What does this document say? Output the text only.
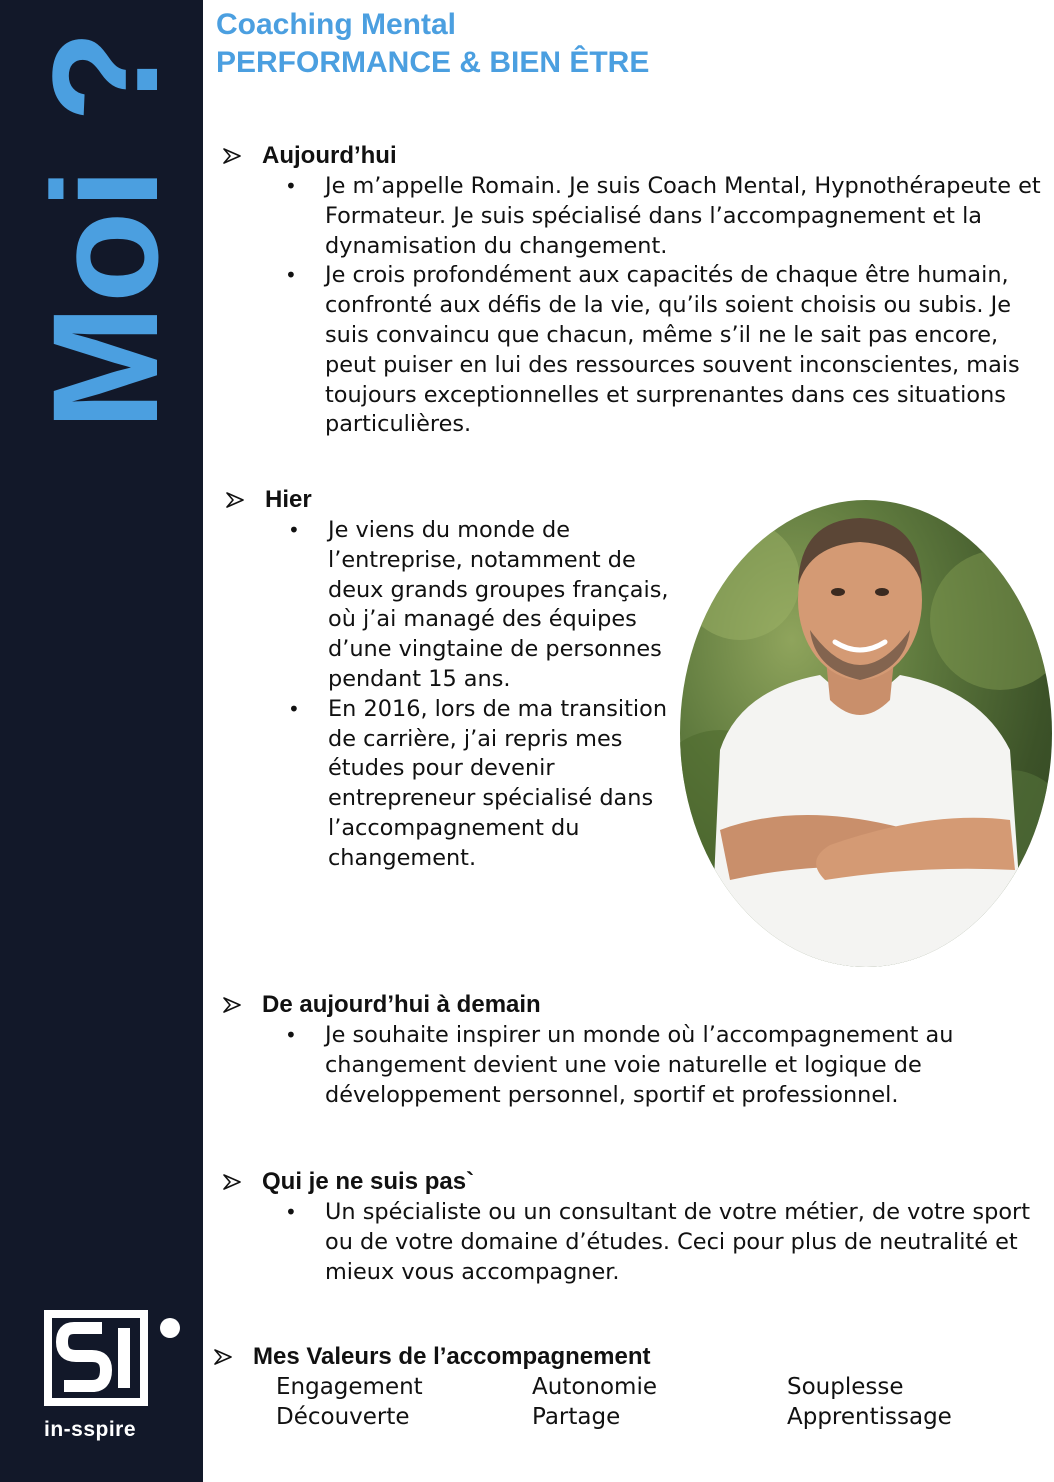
Moi ?
in-sspire
Coaching Mental
PERFORMANCE & BIEN ÊTRE
Aujourd’hui
• Je m’appelle Romain. Je suis Coach Mental, Hypnothérapeute et Formateur. Je suis spécialisé dans l’accompagnement et la dynamisation du changement.
• Je crois profondément aux capacités de chaque être humain, confronté aux défis de la vie, qu’ils soient choisis ou subis. Je suis convaincu que chacun, même s’il ne le sait pas encore, peut puiser en lui des ressources souvent inconscientes, mais toujours exceptionnelles et surprenantes dans ces situations particulières.
Hier
• Je viens du monde de l’entreprise, notamment de deux grands groupes français, où j’ai managé des équipes d’une vingtaine de personnes pendant 15 ans.
• En 2016, lors de ma transition de carrière, j’ai repris mes études pour devenir entrepreneur spécialisé dans l’accompagnement du changement.
De aujourd’hui à demain
• Je souhaite inspirer un monde où l’accompagnement au changement devient une voie naturelle et logique de développement personnel, sportif et professionnel.
Qui je ne suis pas`
• Un spécialiste ou un consultant de votre métier, de votre sport ou de votre domaine d’études. Ceci pour plus de neutralité et mieux vous accompagner.
Mes Valeurs de l’accompagnement
Engagement	Autonomie	Souplesse
Découverte	Partage	Apprentissage
